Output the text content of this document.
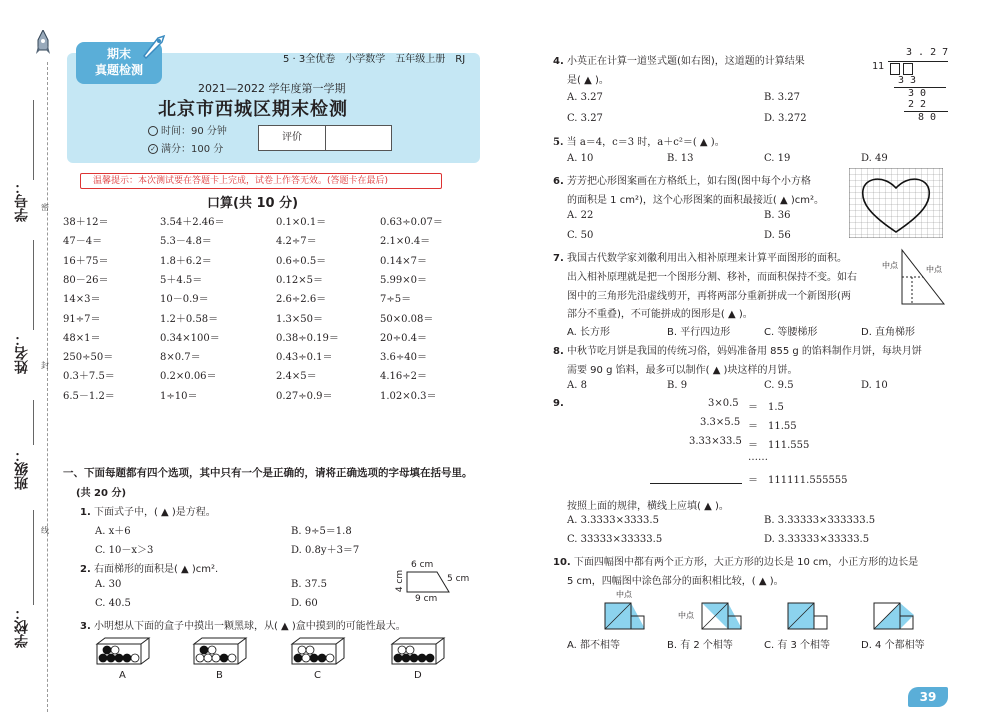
密
封
线
学号：
姓名：
班级：
学校：
期末
真题检测
5 · 3全优卷　小学数学　五年级上册　RJ
2021—2022 学年度第一学期
北京市西城区期末检测
时间：90 分钟
✓ 满分：100 分
评价
温馨提示：本次测试要在答题卡上完成，试卷上作答无效。(答题卡在最后)
口算(共 10 分)
38＋12＝	3.54＋2.46＝	0.1×0.1＝	0.63÷0.07＝
47－4＝	5.3－4.8＝	4.2÷7＝	2.1×0.4＝
16＋75＝	1.8＋6.2＝	0.6÷0.5＝	0.14×7＝
80－26＝	5＋4.5＝	0.12×5＝	5.99×0＝
14×3＝	10－0.9＝	2.6÷2.6＝	7÷5＝
91÷7＝	1.2＋0.58＝	1.3×50＝	50×0.08＝
48×1＝	0.34×100＝	0.38÷0.19＝	20÷0.4＝
250÷50＝	8×0.7＝	0.43÷0.1＝	3.6÷40＝
0.3＋7.5＝	0.2×0.06＝	2.4×5＝	4.16÷2＝
6.5－1.2＝	1÷10＝	0.27÷0.9＝	1.02×0.3＝
一、下面每题都有四个选项，其中只有一个是正确的，请将正确选项的字母填在括号里。
(共 20 分)
1. 下面式子中，( ▲ )是方程。
A. x＋6	B. 9÷5＝1.8
C. 10－x＞3	D. 0.8y＋3＝7
2. 右面梯形的面积是( ▲ )cm².
A. 30	B. 37.5
C. 40.5	D. 60
6 cm
4 cm	5 cm
9 cm
3. 小明想从下面的盒子中摸出一颗黑球，从( ▲ )盒中摸到的可能性最大。
A	B	C	D
4. 小英正在计算一道竖式题(如右图)，这道题的计算结果
是( ▲ )。
A. 3.27	B. 3.2̇7̇
C. 3.2̇7	D. 3.2̇72̇
3 . 2 7
11
3 3
3 0
2 2
8 0
5. 当 a＝4，c＝3 时，a＋c²＝( ▲ )。
A. 10	B. 13	C. 19	D. 49
6. 芳芳把心形图案画在方格纸上，如右图(图中每个小方格
的面积是 1 cm²)，这个心形图案的面积最接近( ▲ )cm²。
A. 22	B. 36
C. 50	D. 56
7. 我国古代数学家刘徽利用出入相补原理来计算平面图形的面积。
出入相补原理就是把一个图形分割、移补，而面积保持不变。如右
图中的三角形先沿虚线剪开，再将两部分重新拼成一个新图形(两
部分不重叠)，不可能拼成的图形是( ▲ )。
A. 长方形	B. 平行四边形	C. 等腰梯形	D. 直角梯形
中点	中点
8. 中秋节吃月饼是我国的传统习俗，妈妈准备用 855 g 的馅料制作月饼，每块月饼
需要 90 g 馅料，最多可以制作( ▲ )块这样的月饼。
A. 8	B. 9	C. 9.5	D. 10
9.	3×0.5 ＝　1.5
3.3×5.5 ＝　11.55
3.33×33.5 ＝　111.555
……
＝　111111.555555
按照上面的规律，横线上应填( ▲ )。
A. 3.3333×3333.5	B. 3.33333×333333.5
C. 33333×33333.5	D. 3.33333×33333.5
10. 下面四幅图中都有两个正方形，大正方形的边长是 10 cm，小正方形的边长是
5 cm，四幅图中涂色部分的面积相比较，( ▲ )。
中点
中点
A. 都不相等	B. 有 2 个相等	C. 有 3 个相等	D. 4 个都相等
39
